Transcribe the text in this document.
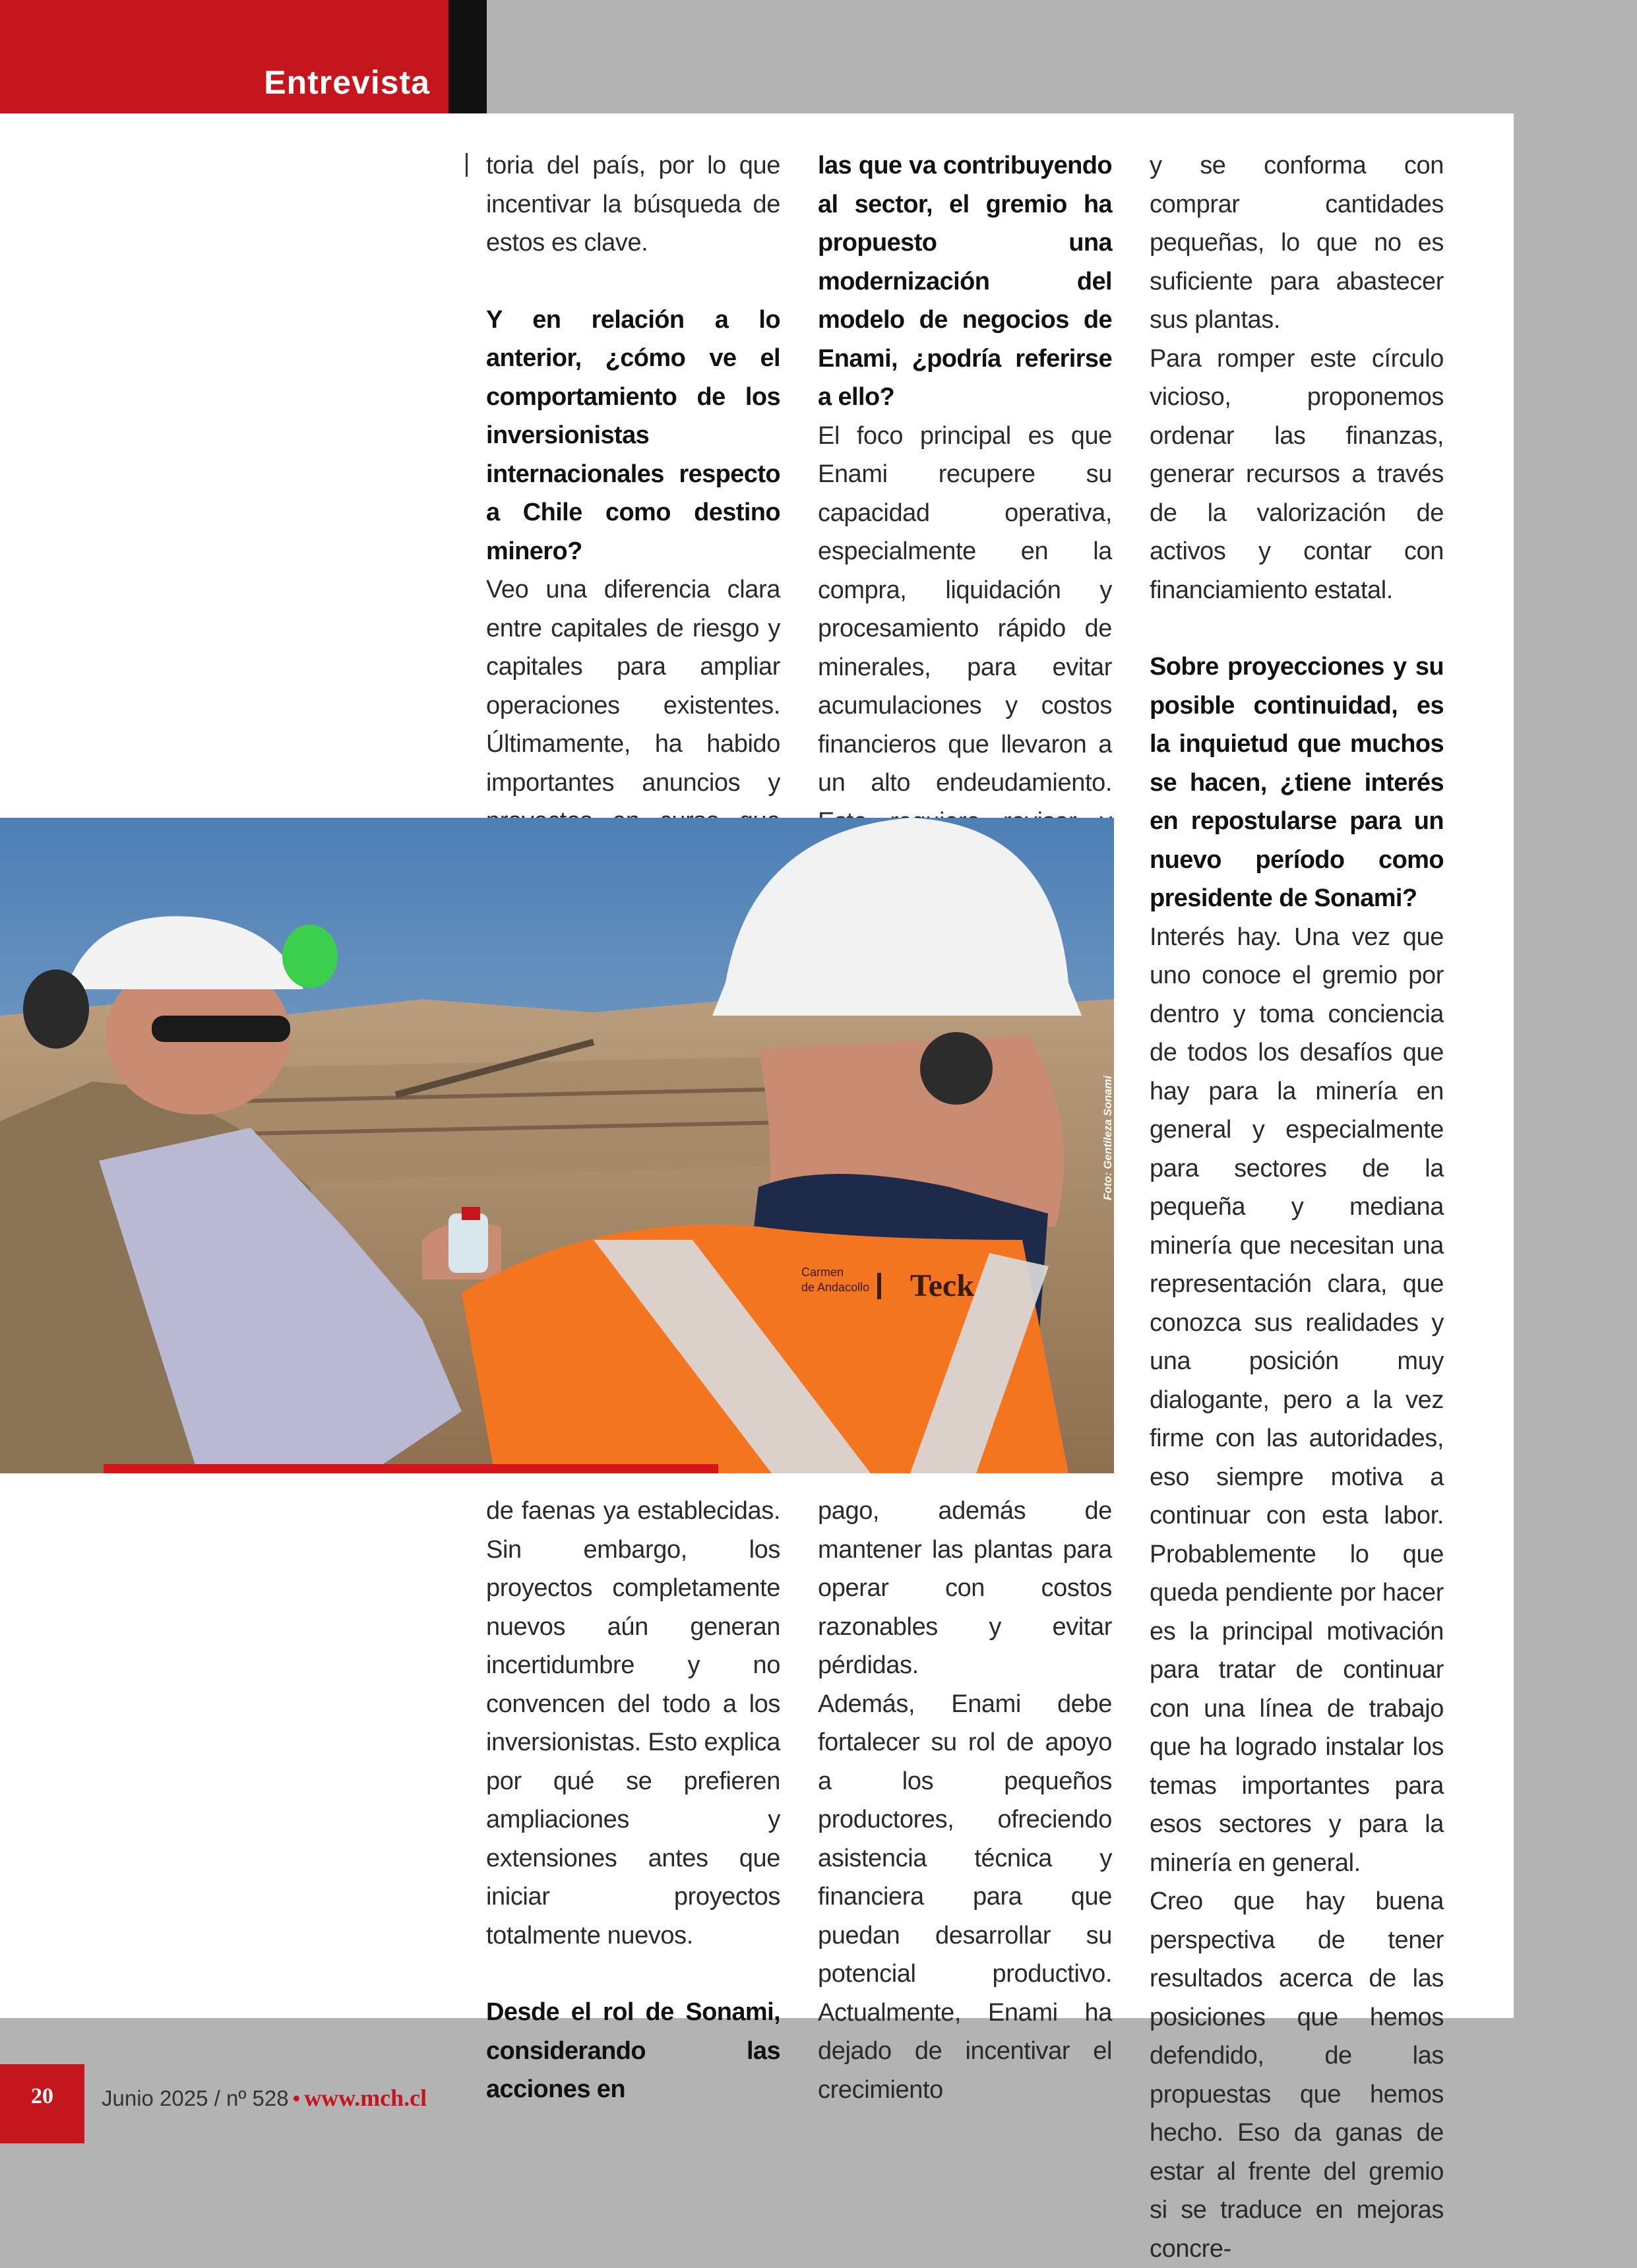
Entrevista
toria del país, por lo que incentivar la búsqueda de estos es clave.
Y en relación a lo anterior, ¿cómo ve el comportamiento de los inversionistas internacionales respecto a Chile como destino minero?
Veo una diferencia clara entre capitales de riesgo y capitales para ampliar operaciones existentes. Últimamente, ha habido importantes anuncios y
las que va contribuyendo al sector, el gremio ha propuesto una modernización del modelo de negocios de Enami, ¿podría referirse a ello?
El foco principal es que Enami recupere su capacidad operativa, especialmente en la compra, liquidación y procesamiento rápido de minerales, para evitar acumulaciones y costos financieros que llevaron a un alto endeudamiento.
y se conforma con comprar cantidades pequeñas, lo que no es suficiente para abastecer sus plantas.
Para romper este círculo vicioso, proponemos ordenar las finanzas, generar recursos a través de la valorización de activos y contar con financiamiento estatal.
Sobre proyecciones y su posible continuidad, es la inquietud que muchos se hacen, ¿tiene interés en repostularse para un nuevo período como presidente de Sonami?
Interés hay. Una vez que uno conoce el gremio por dentro y toma conciencia de todos los desafíos que hay para la minería en general y especialmente para sectores de la pequeña y mediana minería que necesitan una representación clara, que conozca sus realidades y una posición muy dialogante, pero a la vez firme con las autoridades, eso siempre motiva a continuar con esta labor. Probablemente lo que queda pendiente por hacer es la principal motivación para tratar de continuar con una línea de trabajo que ha logrado instalar los temas importantes para esos sectores y para la minería en general.
Creo que hay buena perspectiva de tener resultados acerca de las posiciones que hemos defendido, de las propuestas que hemos hecho. Eso da ganas de estar al frente del gremio si se traduce en mejoras concre-
Carmen
de Andacollo Teck
Foto: Gentileza Sonami
de faenas ya establecidas. Sin embargo, los proyectos completamente nuevos aún generan incertidumbre y no convencen del todo a los inversionistas. Esto explica por qué se prefieren ampliaciones y extensiones antes que iniciar proyectos totalmente nuevos.
Desde el rol de Sonami, considerando las acciones en
pago, además de mantener las plantas para operar con costos razonables y evitar pérdidas.
Además, Enami debe fortalecer su rol de apoyo a los pequeños productores, ofreciendo asistencia técnica y financiera para que puedan desarrollar su potencial productivo. Actualmente, Enami ha dejado de incentivar el crecimiento
20	Junio 2025 / nº 528 • www.mch.cl
